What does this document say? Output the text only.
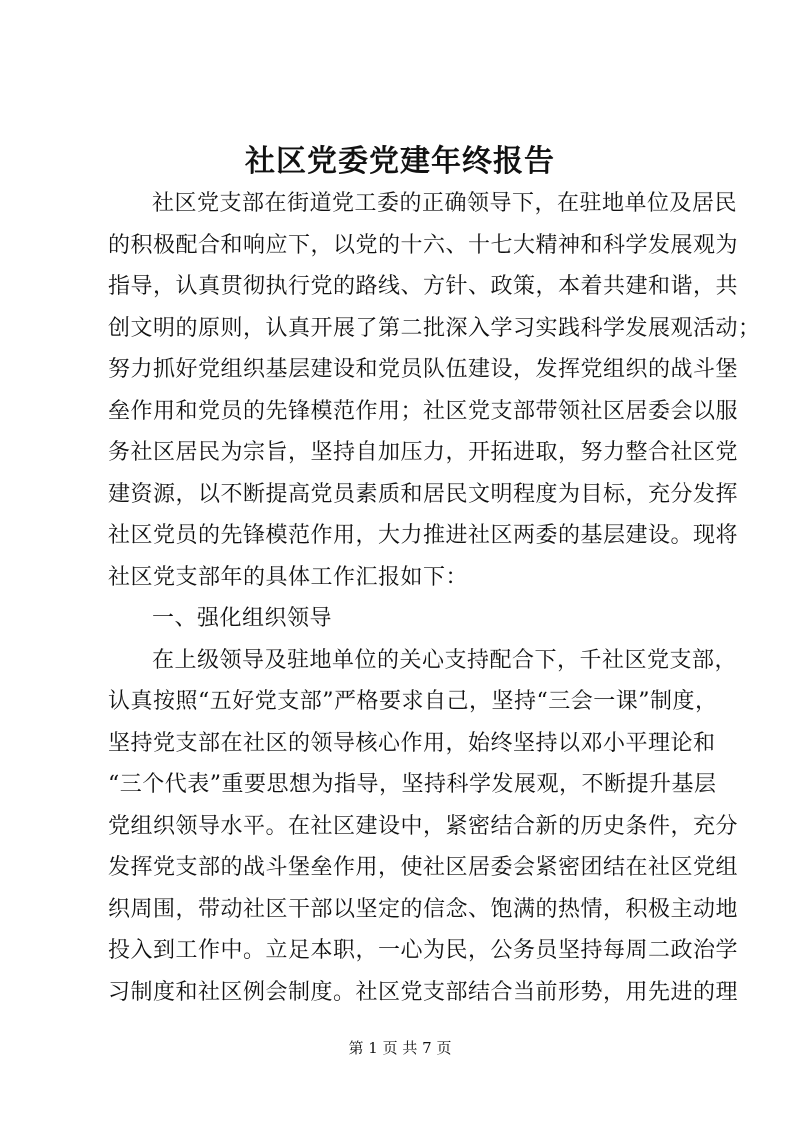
社区党委党建年终报告
社区党支部在街道党工委的正确领导下，在驻地单位及居民
的积极配合和响应下，以党的十六、十七大精神和科学发展观为
指导，认真贯彻执行党的路线、方针、政策，本着共建和谐，共
创文明的原则，认真开展了第二批深入学习实践科学发展观活动；
努力抓好党组织基层建设和党员队伍建设，发挥党组织的战斗堡
垒作用和党员的先锋模范作用；社区党支部带领社区居委会以服
务社区居民为宗旨，坚持自加压力，开拓进取，努力整合社区党
建资源，以不断提高党员素质和居民文明程度为目标，充分发挥
社区党员的先锋模范作用，大力推进社区两委的基层建设。现将
社区党支部年的具体工作汇报如下：
一、强化组织领导
在上级领导及驻地单位的关心支持配合下，千社区党支部，
认真按照“五好党支部”严格要求自己，坚持“三会一课”制度，
坚持党支部在社区的领导核心作用，始终坚持以邓小平理论和
“三个代表”重要思想为指导，坚持科学发展观，不断提升基层
党组织领导水平。在社区建设中，紧密结合新的历史条件，充分
发挥党支部的战斗堡垒作用，使社区居委会紧密团结在社区党组
织周围，带动社区干部以坚定的信念、饱满的热情，积极主动地
投入到工作中。立足本职，一心为民，公务员坚持每周二政治学
习制度和社区例会制度。社区党支部结合当前形势，用先进的理
第 1 页 共 7 页
